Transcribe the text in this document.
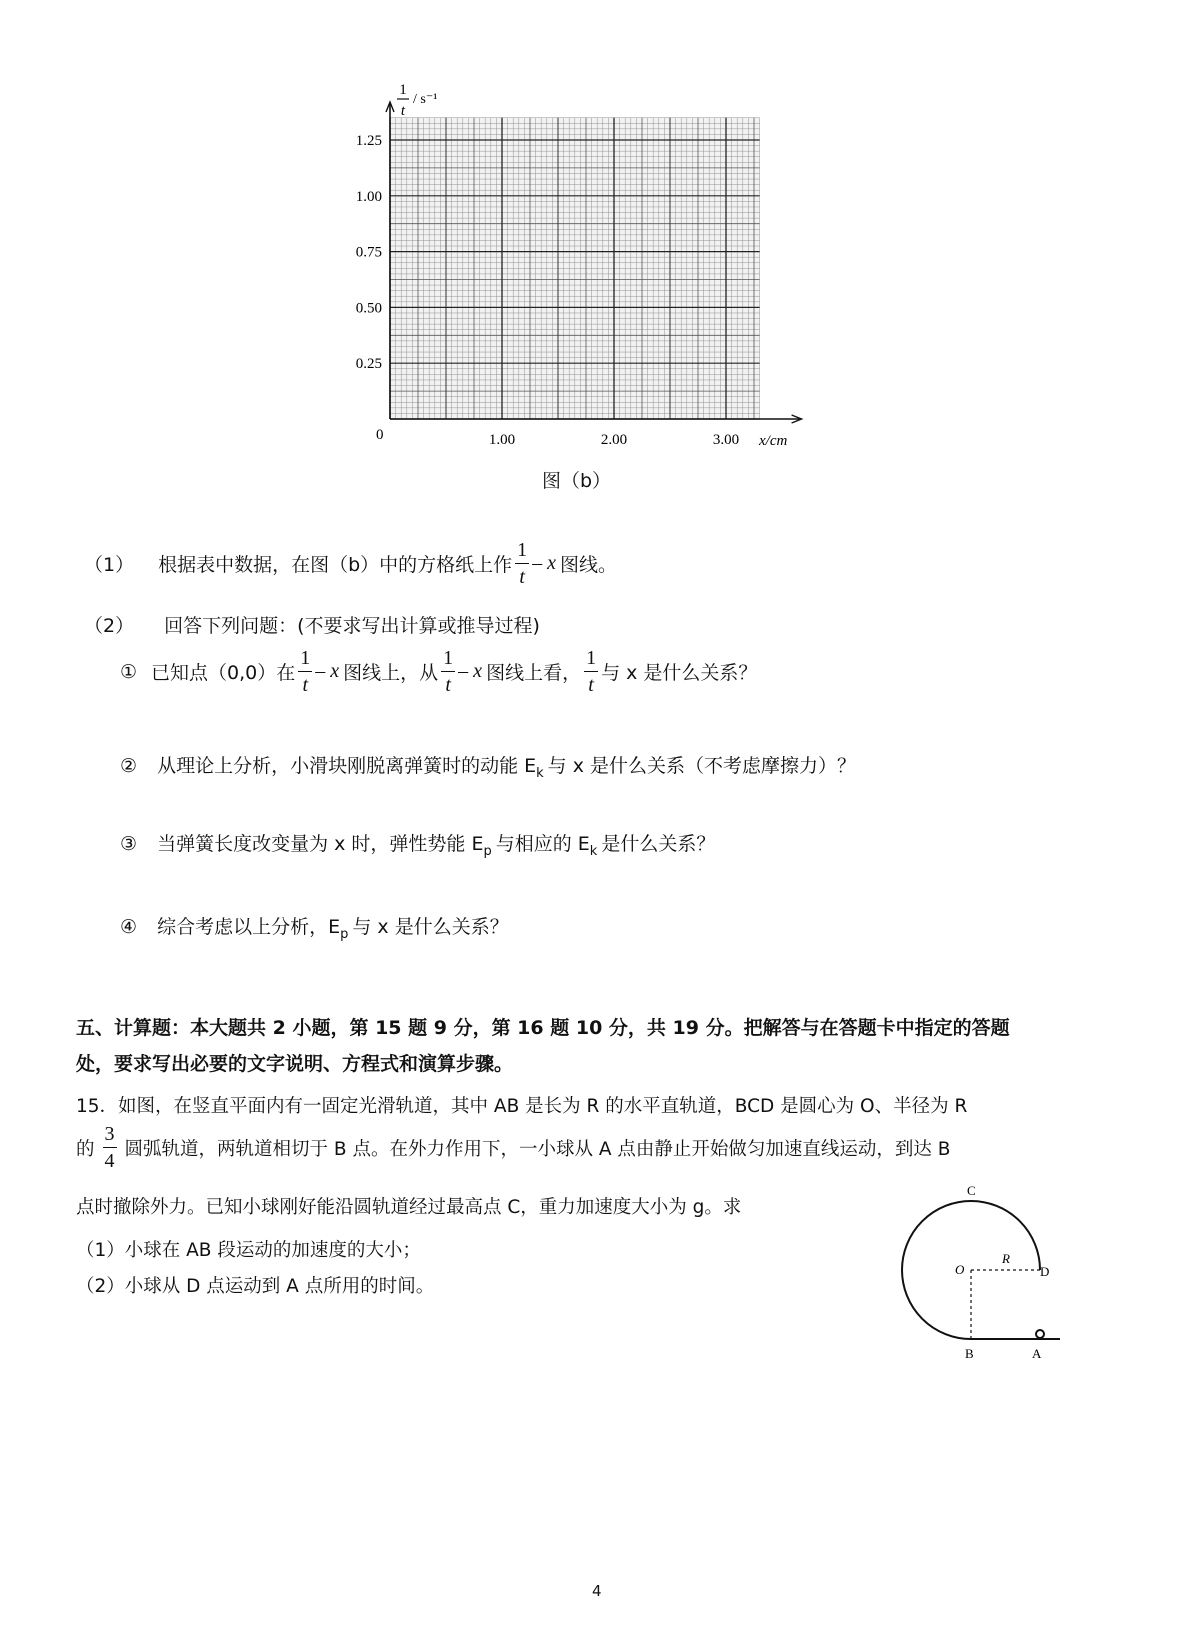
0.25
0.50
0.75
1.00
1.25
1.00	2.00	3.00
1
t
/ s⁻¹
x/cm
0
图（b）
（1） 根据表中数据，在图（b）中的方格纸上作 $\frac{1}{t}$ – x 图线。
（2） 回答下列问题：(不要求写出计算或推导过程)
① 已知点（0,0）在 $\frac{1}{t}$ – x 图线上，从 $\frac{1}{t}$ – x 图线上看， $\frac{1}{t}$ 与 x 是什么关系？
② 从理论上分析，小滑块刚脱离弹簧时的动能 $E_k$ 与 x 是什么关系（不考虑摩擦力）？
③ 当弹簧长度改变量为 x 时，弹性势能 $E_p$ 与相应的 $E_k$ 是什么关系？
④ 综合考虑以上分析，$E_p$ 与 x 是什么关系？
五、计算题：本大题共 2 小题，第 15 题 9 分，第 16 题 10 分，共 19 分。把解答与在答题卡中指定的答题
处，要求写出必要的文字说明、方程式和演算步骤。
15．如图，在竖直平面内有一固定光滑轨道，其中 AB 是长为 R 的水平直轨道，BCD 是圆心为 O、半径为 R
的 $\frac{3}{4}$ 圆弧轨道，两轨道相切于 B 点。在外力作用下，一小球从 A 点由静止开始做匀加速直线运动，到达 B
点时撤除外力。已知小球刚好能沿圆轨道经过最高点 C，重力加速度大小为 g。求
（1）小球在 AB 段运动的加速度的大小；
（2）小球从 D 点运动到 A 点所用的时间。
C
O
R
D
B	A
4
